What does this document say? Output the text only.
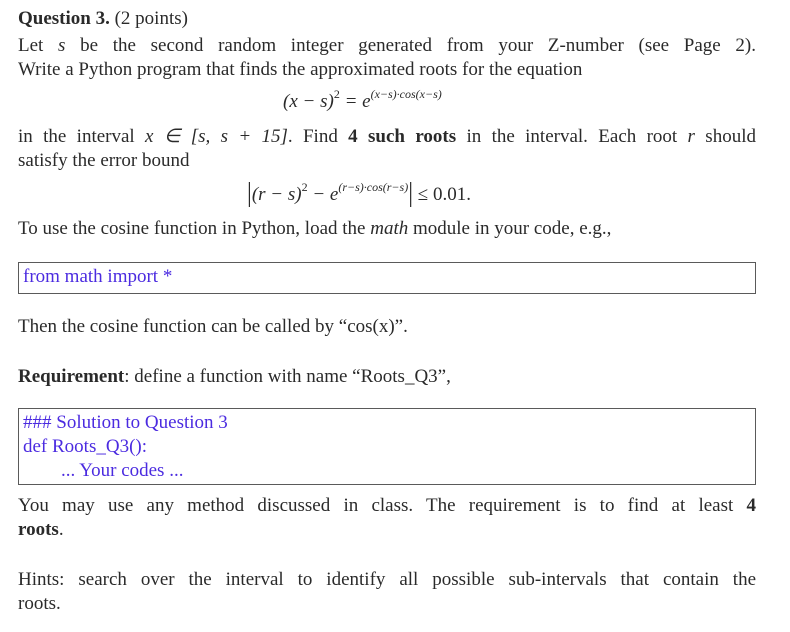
Question 3. (2 points)
Let s be the second random integer generated from your Z-number (see Page 2).
Write a Python program that finds the approximated roots for the equation
$(x - s)^2 = e^{(x-s)\cdot cos(x-s)}$
in the interval x ∈ [s, s + 15]. Find 4 such roots in the interval. Each root r should
satisfy the error bound
$|(r - s)^2 - e^{(r-s)\cdot cos(r-s)}| \le 0.01$.
To use the cosine function in Python, load the math module in your code, e.g.,
from math import *
Then the cosine function can be called by “cos(x)”.
Requirement: define a function with name “Roots_Q3”,
### Solution to Question 3
def Roots_Q3():
... Your codes ...
You may use any method discussed in class. The requirement is to find at least 4
roots.
Hints: search over the interval to identify all possible sub-intervals that contain the
roots.
